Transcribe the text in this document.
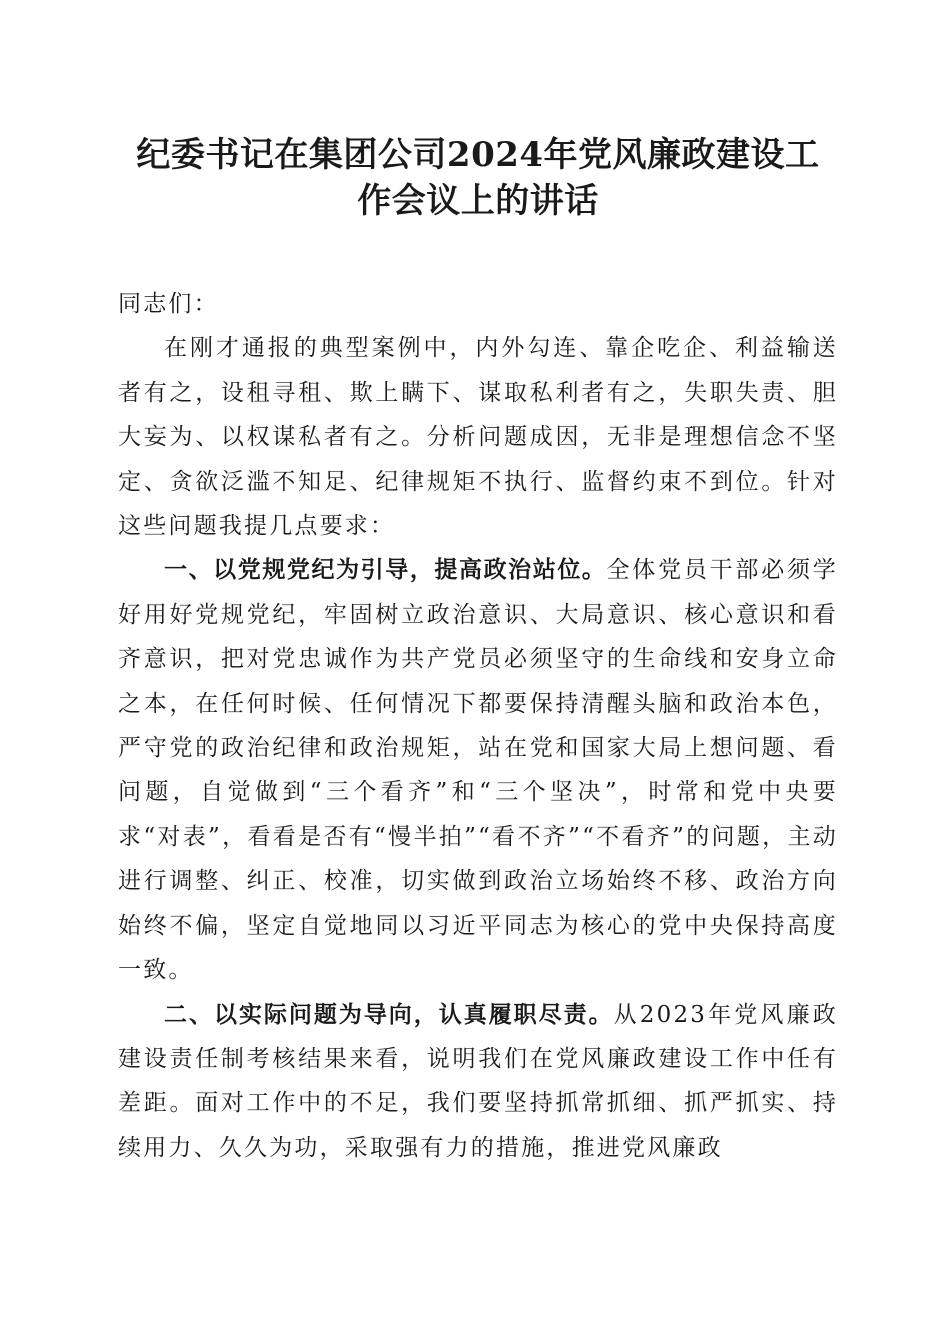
纪委书记在集团公司2024年党风廉政建设工
作会议上的讲话

同志们：

在刚才通报的典型案例中，内外勾连、靠企吃企、利益输送者有之，设租寻租、欺上瞒下、谋取私利者有之，失职失责、胆大妄为、以权谋私者有之。分析问题成因，无非是理想信念不坚定、贪欲泛滥不知足、纪律规矩不执行、监督约束不到位。针对这些问题我提几点要求：

一、以党规党纪为引导，提高政治站位。全体党员干部必须学好用好党规党纪，牢固树立政治意识、大局意识、核心意识和看齐意识，把对党忠诚作为共产党员必须坚守的生命线和安身立命之本，在任何时候、任何情况下都要保持清醒头脑和政治本色，严守党的政治纪律和政治规矩，站在党和国家大局上想问题、看问题，自觉做到“三个看齐”和“三个坚决”，时常和党中央要求“对表”，看看是否有“慢半拍”“看不齐”“不看齐”的问题，主动进行调整、纠正、校准，切实做到政治立场始终不移、政治方向始终不偏，坚定自觉地同以习近平同志为核心的党中央保持高度一致。

二、以实际问题为导向，认真履职尽责。从2023年党风廉政建设责任制考核结果来看，说明我们在党风廉政建设工作中任有差距。面对工作中的不足，我们要坚持抓常抓细、抓严抓实、持续用力、久久为功，采取强有力的措施，推进党风廉政
